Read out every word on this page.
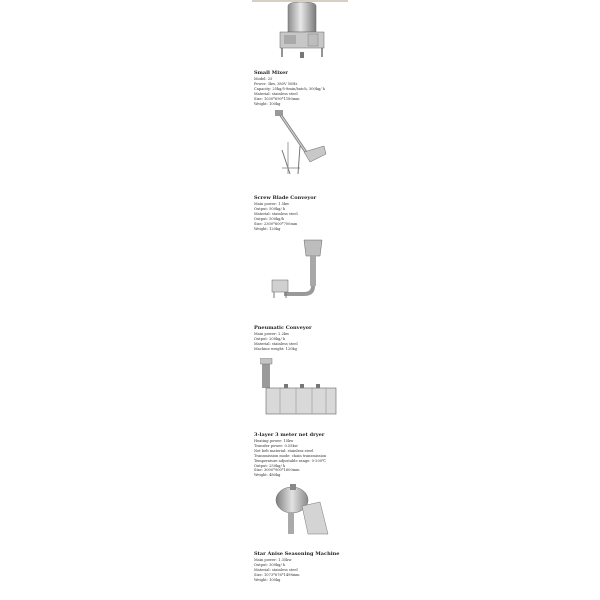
Small Mixer
Model: 25
Power: 3kw, 380V 50Hz
Capacity: 25kg/5-8min/batch, 300kg/ h
Material: stainless steel
Size: 1030*690*1180mm
Weight: 100kg
Screw Blade Conveyor
Main power: 1.5kw
Output: 500kg/ h
Material: stainless steel
Output: 500kg/h
Size: 2300*600*700mm
Weight: 120kg
Pneumatic Conveyor
Main power: 2.2kw
Output: 200kg/ h
Material: stainless steel
Machine weight: 120kg
3-layer 3 meter net dryer
Heating power: 15kw
Transfer power: 0.55kw
Net belt material: stainless steel
Transmission mode: chain transmission
Temperature adjustable range: 0-200℃
Output: 250kg/ h
Size: 3000*900*1600mm
Weight: 480kg
Star Anise Seasoning Machine
Main power: 1.35kw
Output: 300kg/ h
Material: stainless steel
Size: 1073*676*1498mm
Weight: 100kg
